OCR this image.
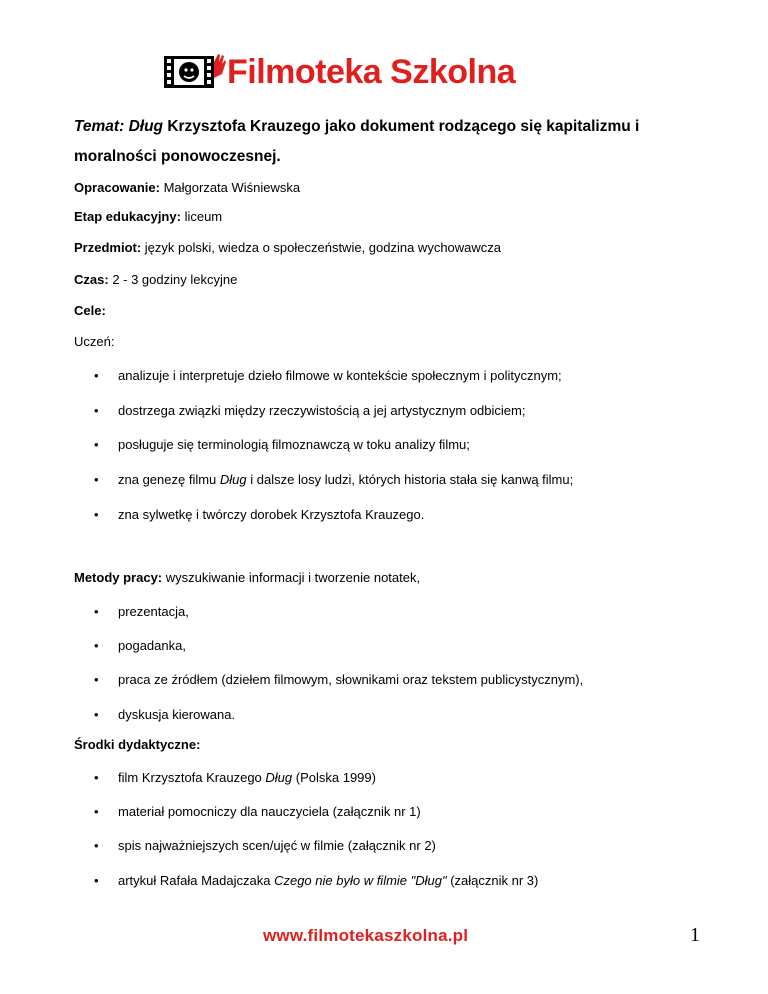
Filmoteka Szkolna

Temat: Dług Krzysztofa Krauzego jako dokument rodzącego się kapitalizmu i
moralności ponowoczesnej.

Opracowanie: Małgorzata Wiśniewska
Etap edukacyjny: liceum
Przedmiot: język polski, wiedza o społeczeństwie, godzina wychowawcza
Czas: 2 - 3 godziny lekcyjne
Cele:
Uczeń:
• analizuje i interpretuje dzieło filmowe w kontekście społecznym i politycznym;
• dostrzega związki między rzeczywistością a jej artystycznym odbiciem;
• posługuje się terminologią filmoznawczą w toku analizy filmu;
• zna genezę filmu Dług i dalsze losy ludzi, których historia stała się kanwą filmu;
• zna sylwetkę i twórczy dorobek Krzysztofa Krauzego.
Metody pracy: wyszukiwanie informacji i tworzenie notatek,
• prezentacja,
• pogadanka,
• praca ze źródłem (dziełem filmowym, słownikami oraz tekstem publicystycznym),
• dyskusja kierowana.
Środki dydaktyczne:
• film Krzysztofa Krauzego Dług (Polska 1999)
• materiał pomocniczy dla nauczyciela (załącznik nr 1)
• spis najważniejszych scen/ujęć w filmie (załącznik nr 2)
• artykuł Rafała Madajczaka Czego nie było w filmie "Dług" (załącznik nr 3)
www.filmotekaszkolna.pl	1
